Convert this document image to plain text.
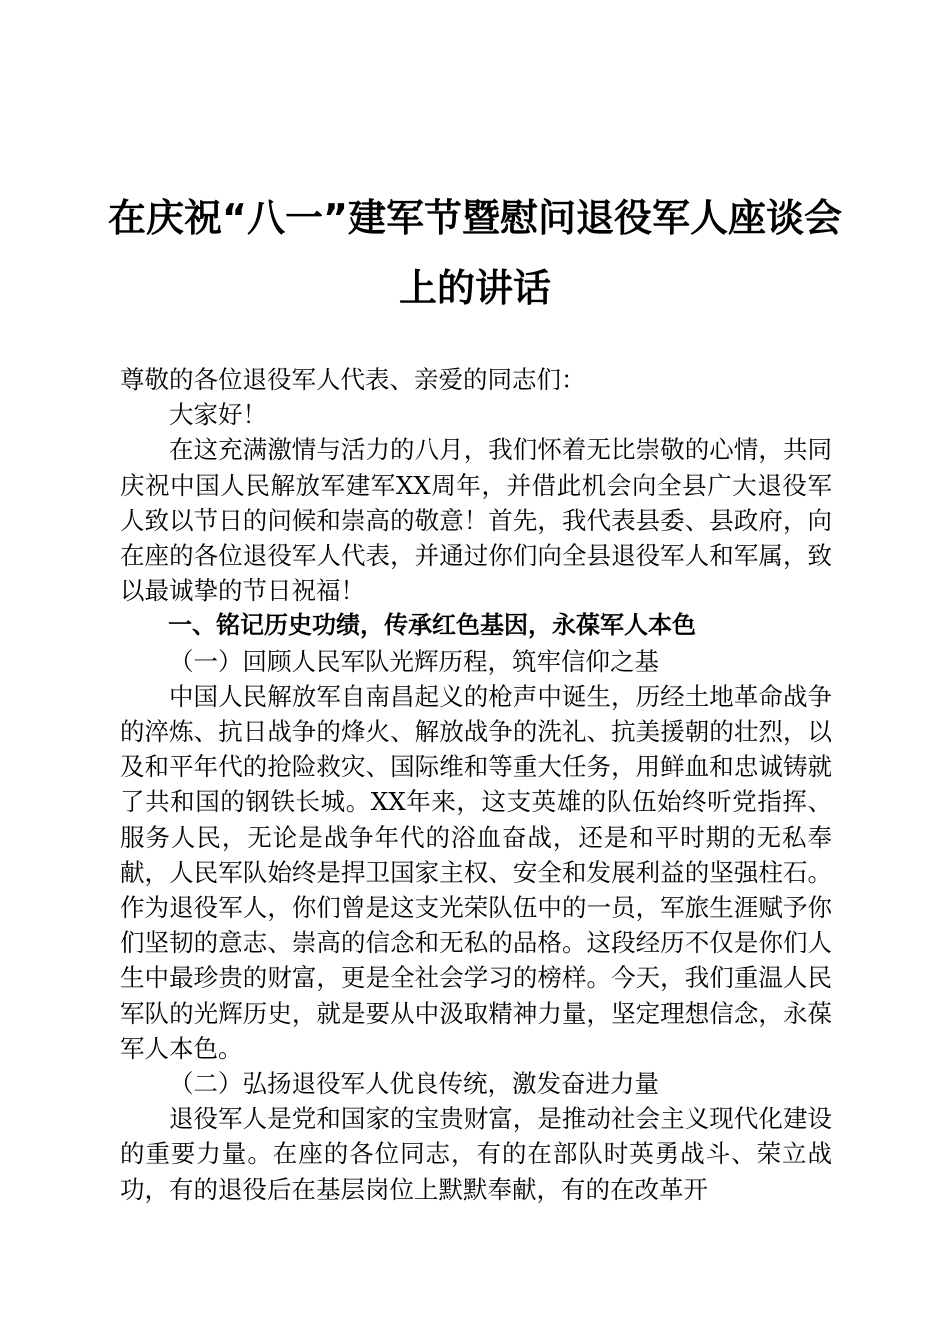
在庆祝“八一”建军节暨慰问退役军人座谈会
上的讲话

尊敬的各位退役军人代表、亲爱的同志们：

大家好！

在这充满激情与活力的八月，我们怀着无比崇敬的心情，共同庆祝中国人民解放军建军XX周年，并借此机会向全县广大退役军人致以节日的问候和崇高的敬意！首先，我代表县委、县政府，向在座的各位退役军人代表，并通过你们向全县退役军人和军属，致以最诚挚的节日祝福！

一、铭记历史功绩，传承红色基因，永葆军人本色

（一）回顾人民军队光辉历程，筑牢信仰之基

中国人民解放军自南昌起义的枪声中诞生，历经土地革命战争的淬炼、抗日战争的烽火、解放战争的洗礼、抗美援朝的壮烈，以及和平年代的抢险救灾、国际维和等重大任务，用鲜血和忠诚铸就了共和国的钢铁长城。XX年来，这支英雄的队伍始终听党指挥、服务人民，无论是战争年代的浴血奋战，还是和平时期的无私奉献，人民军队始终是捍卫国家主权、安全和发展利益的坚强柱石。作为退役军人，你们曾是这支光荣队伍中的一员，军旅生涯赋予你们坚韧的意志、崇高的信念和无私的品格。这段经历不仅是你们人生中最珍贵的财富，更是全社会学习的榜样。今天，我们重温人民军队的光辉历史，就是要从中汲取精神力量，坚定理想信念，永葆军人本色。

（二）弘扬退役军人优良传统，激发奋进力量

退役军人是党和国家的宝贵财富，是推动社会主义现代化建设的重要力量。在座的各位同志，有的在部队时英勇战斗、荣立战功，有的退役后在基层岗位上默默奉献，有的在改革开
